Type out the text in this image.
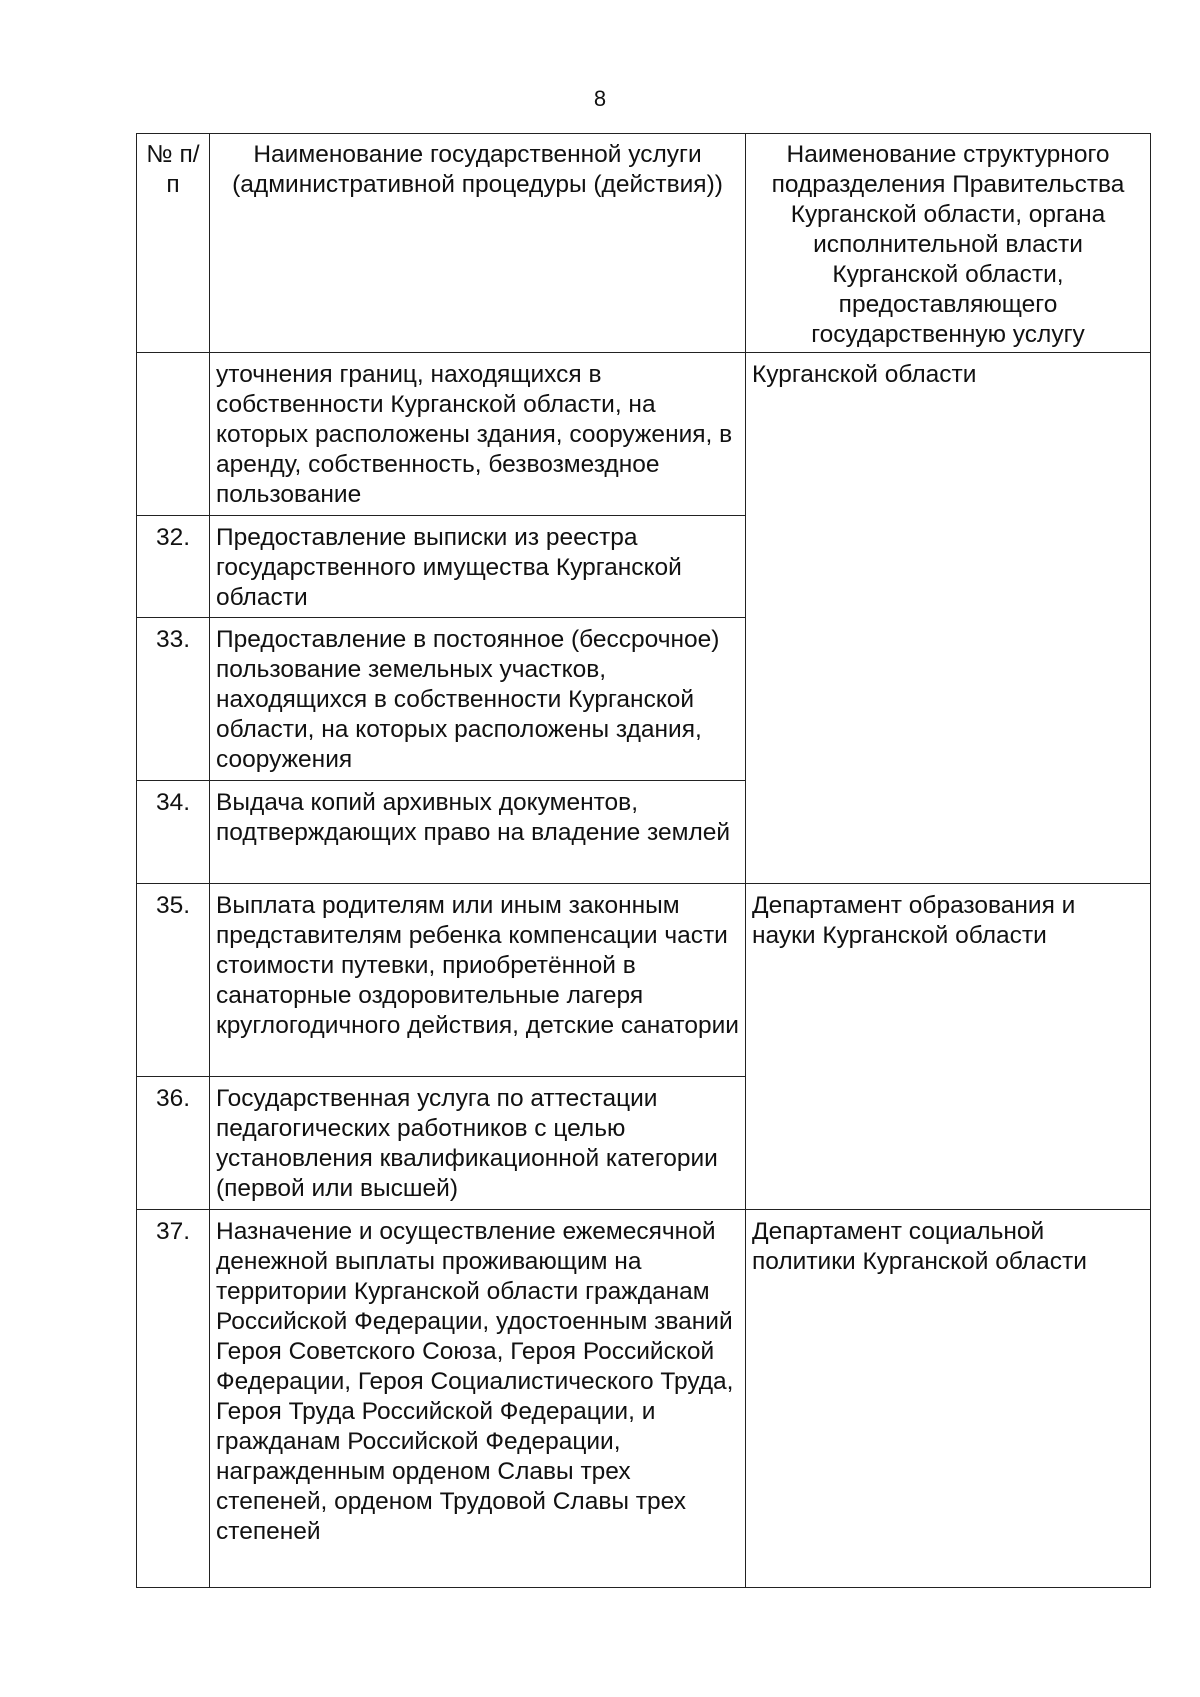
8
№ п/п	Наименование государственной услуги (административной процедуры (действия))	Наименование структурного подразделения Правительства Курганской области, органа исполнительной власти Курганской области, предоставляющего государственную услугу
	уточнения границ, находящихся в собственности Курганской области, на которых расположены здания, сооружения, в аренду, собственность, безвозмездное пользование	Курганской области
32.	Предоставление выписки из реестра государственного имущества Курганской области	
33.	Предоставление в постоянное (бессрочное) пользование земельных участков, находящихся в собственности Курганской области, на которых расположены здания, сооружения	
34.	Выдача копий архивных документов, подтверждающих право на владение землей	
35.	Выплата родителям или иным законным представителям ребенка компенсации части стоимости путевки, приобретённой в санаторные оздоровительные лагеря круглогодичного действия, детские санатории	Департамент образования и науки Курганской области
36.	Государственная услуга по аттестации педагогических работников с целью установления квалификационной категории (первой или высшей)	
37.	Назначение и осуществление ежемесячной денежной выплаты проживающим на территории Курганской области гражданам Российской Федерации, удостоенным званий Героя Советского Союза, Героя Российской Федерации, Героя Социалистического Труда, Героя Труда Российской Федерации, и гражданам Российской Федерации, награжденным орденом Славы трех степеней, орденом Трудовой Славы трех степеней	Департамент социальной политики Курганской области
